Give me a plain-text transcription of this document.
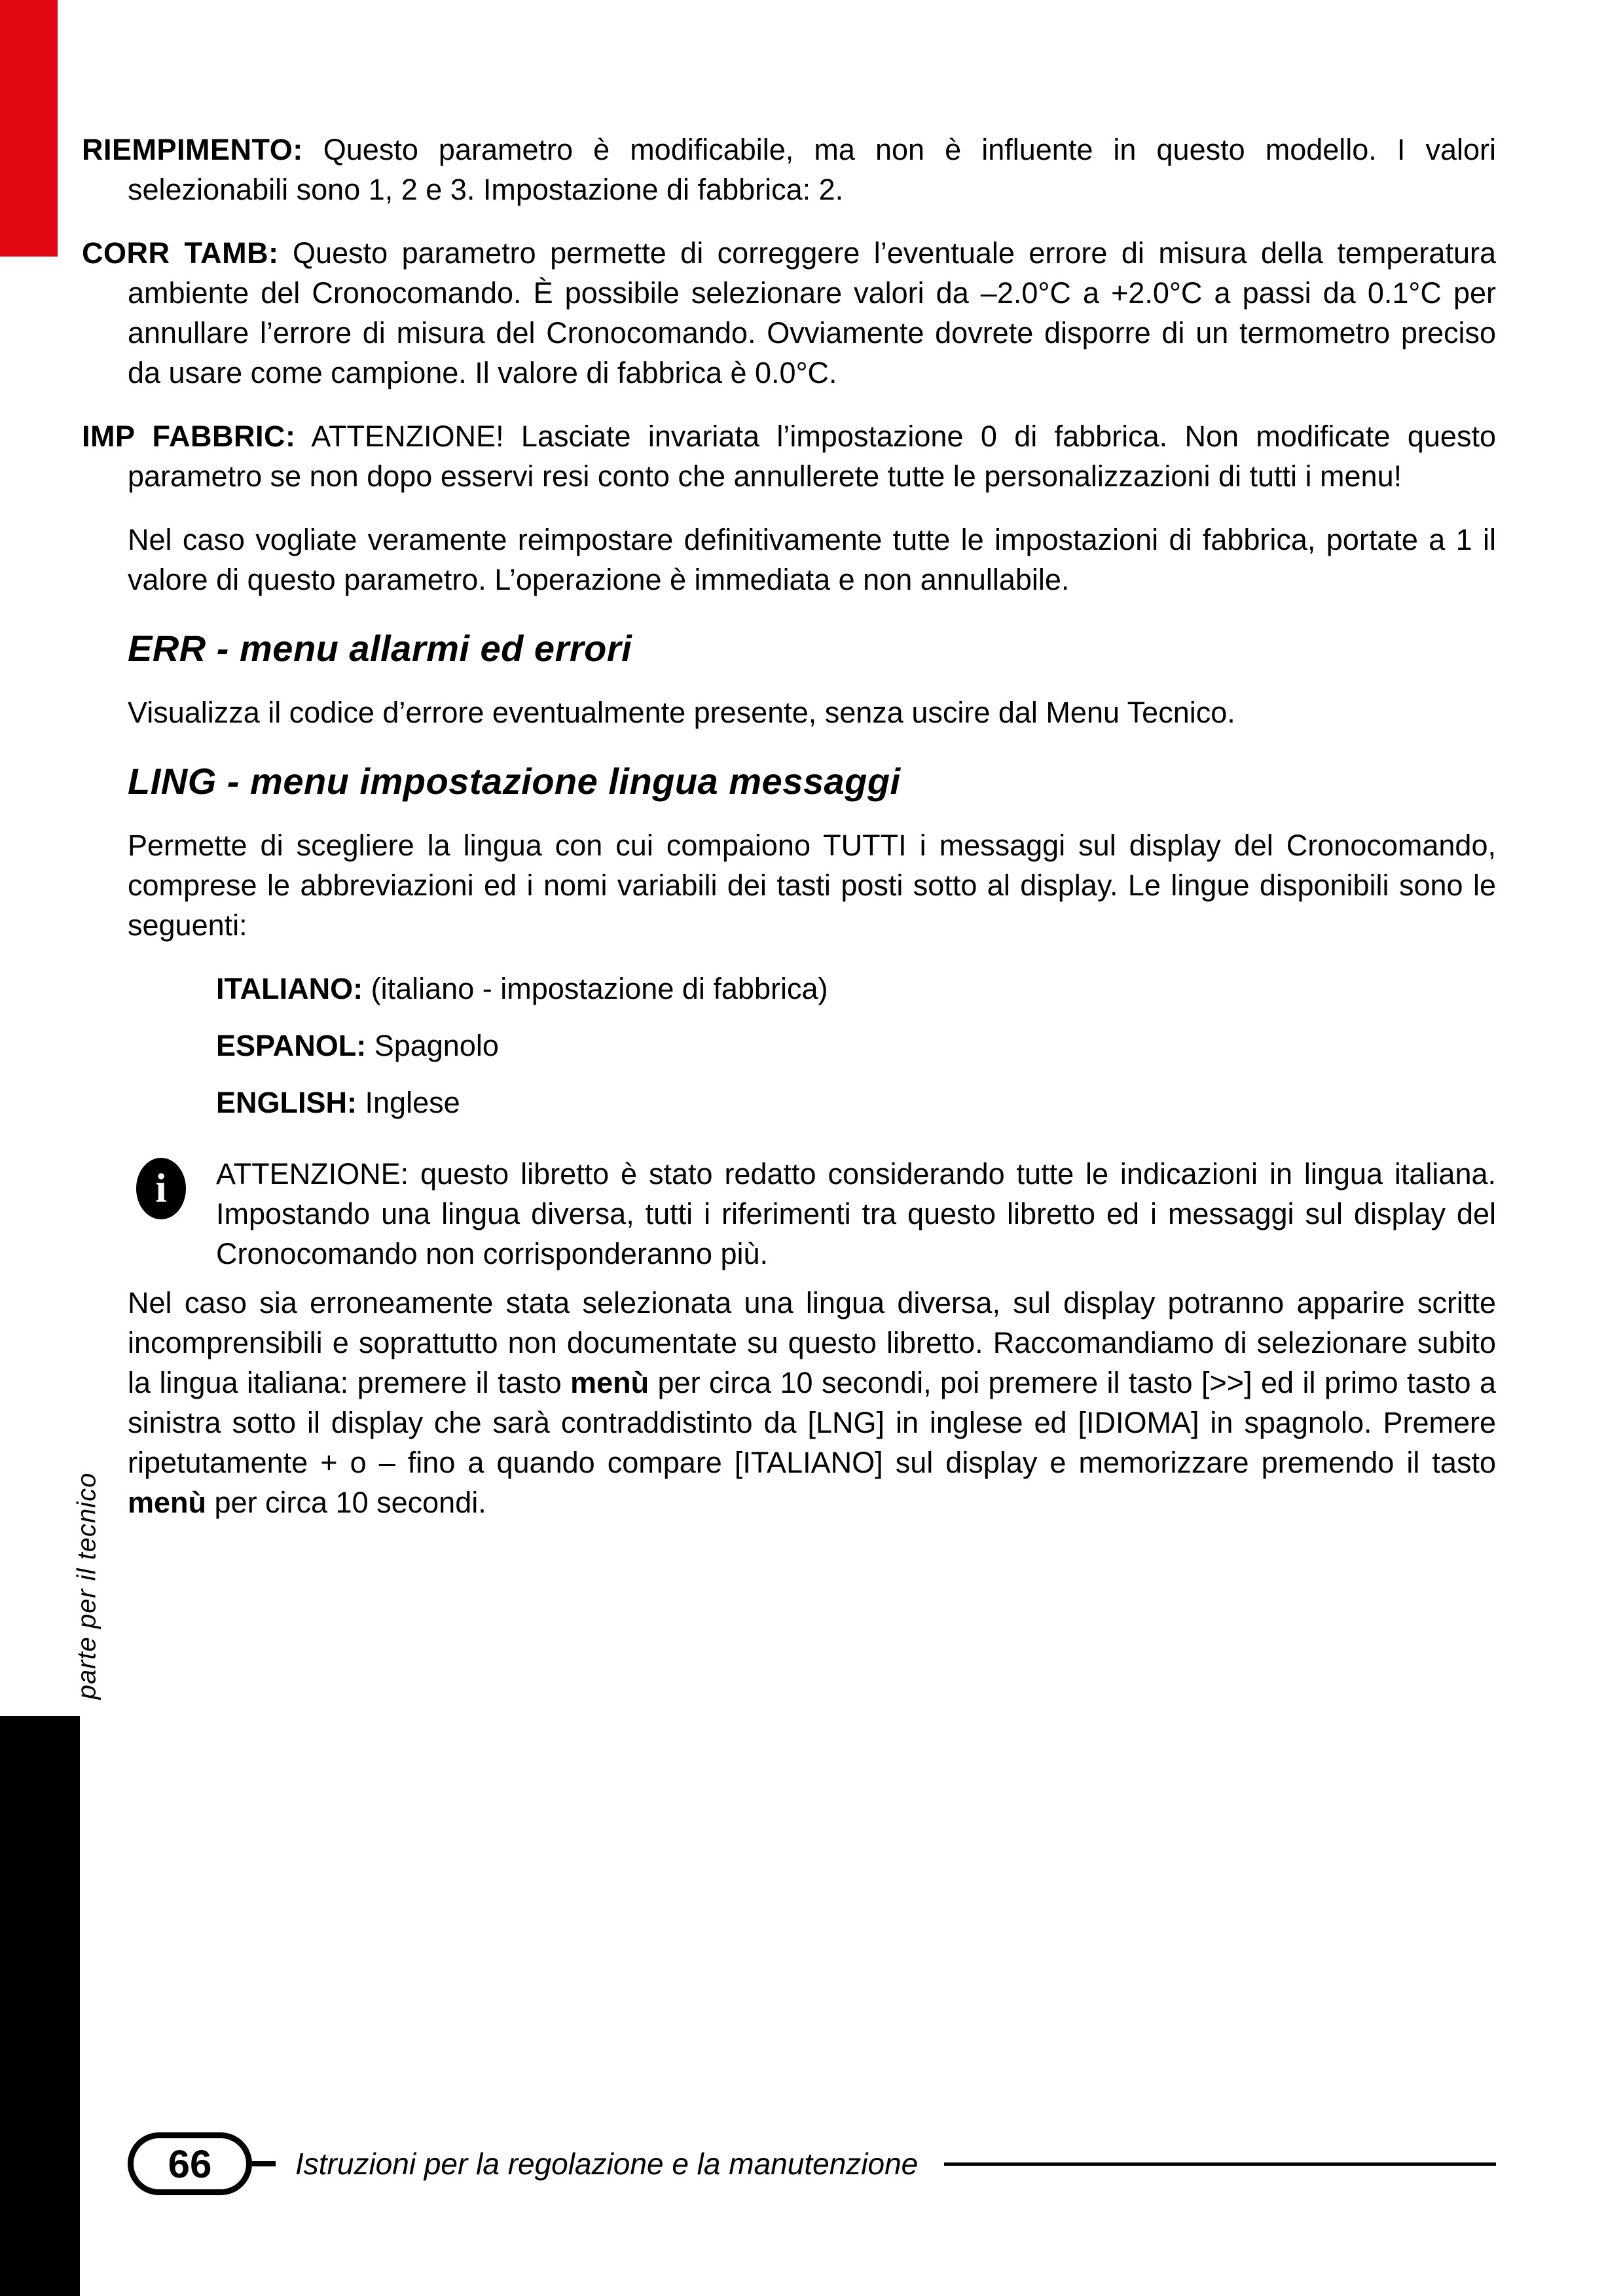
RIEMPIMENTO: Questo parametro è modificabile, ma non è influente in questo modello. I valori selezionabili sono 1, 2 e 3. Impostazione di fabbrica: 2.

CORR TAMB: Questo parametro permette di correggere l’eventuale errore di misura della temperatura ambiente del Cronocomando. È possibile selezionare valori da –2.0°C a +2.0°C a passi da 0.1°C per annullare l’errore di misura del Cronocomando. Ovviamente dovrete disporre di un termometro preciso da usare come campione. Il valore di fabbrica è 0.0°C.

IMP FABBRIC: ATTENZIONE! Lasciate invariata l’impostazione 0 di fabbrica. Non modificate questo parametro se non dopo esservi resi conto che annullerete tutte le personalizzazioni di tutti i menu!

Nel caso vogliate veramente reimpostare definitivamente tutte le impostazioni di fabbrica, portate a 1 il valore di questo parametro. L’operazione è immediata e non annullabile.

ERR - menu allarmi ed errori

Visualizza il codice d’errore eventualmente presente, senza uscire dal Menu Tecnico.

LING - menu impostazione lingua messaggi

Permette di scegliere la lingua con cui compaiono TUTTI i messaggi sul display del Cronocomando, comprese le abbreviazioni ed i nomi variabili dei tasti posti sotto al display. Le lingue disponibili sono le seguenti:

ITALIANO: (italiano - impostazione di fabbrica)
ESPANOL: Spagnolo
ENGLISH: Inglese
i ATTENZIONE: questo libretto è stato redatto considerando tutte le indicazioni in lingua italiana. Impostando una lingua diversa, tutti i riferimenti tra questo libretto ed i messaggi sul display del Cronocomando non corrisponderanno più.

Nel caso sia erroneamente stata selezionata una lingua diversa, sul display potranno apparire scritte incomprensibili e soprattutto non documentate su questo libretto. Raccomandiamo di selezionare subito la lingua italiana: premere il tasto menù per circa 10 secondi, poi premere il tasto [>>] ed il primo tasto a sinistra sotto il display che sarà contraddistinto da [LNG] in inglese ed [IDIOMA] in spagnolo. Premere ripetutamente + o – fino a quando compare [ITALIANO] sul display e memorizzare premendo il tasto menù per circa 10 secondi.

parte per il tecnico
66	Istruzioni per la regolazione e la manutenzione
